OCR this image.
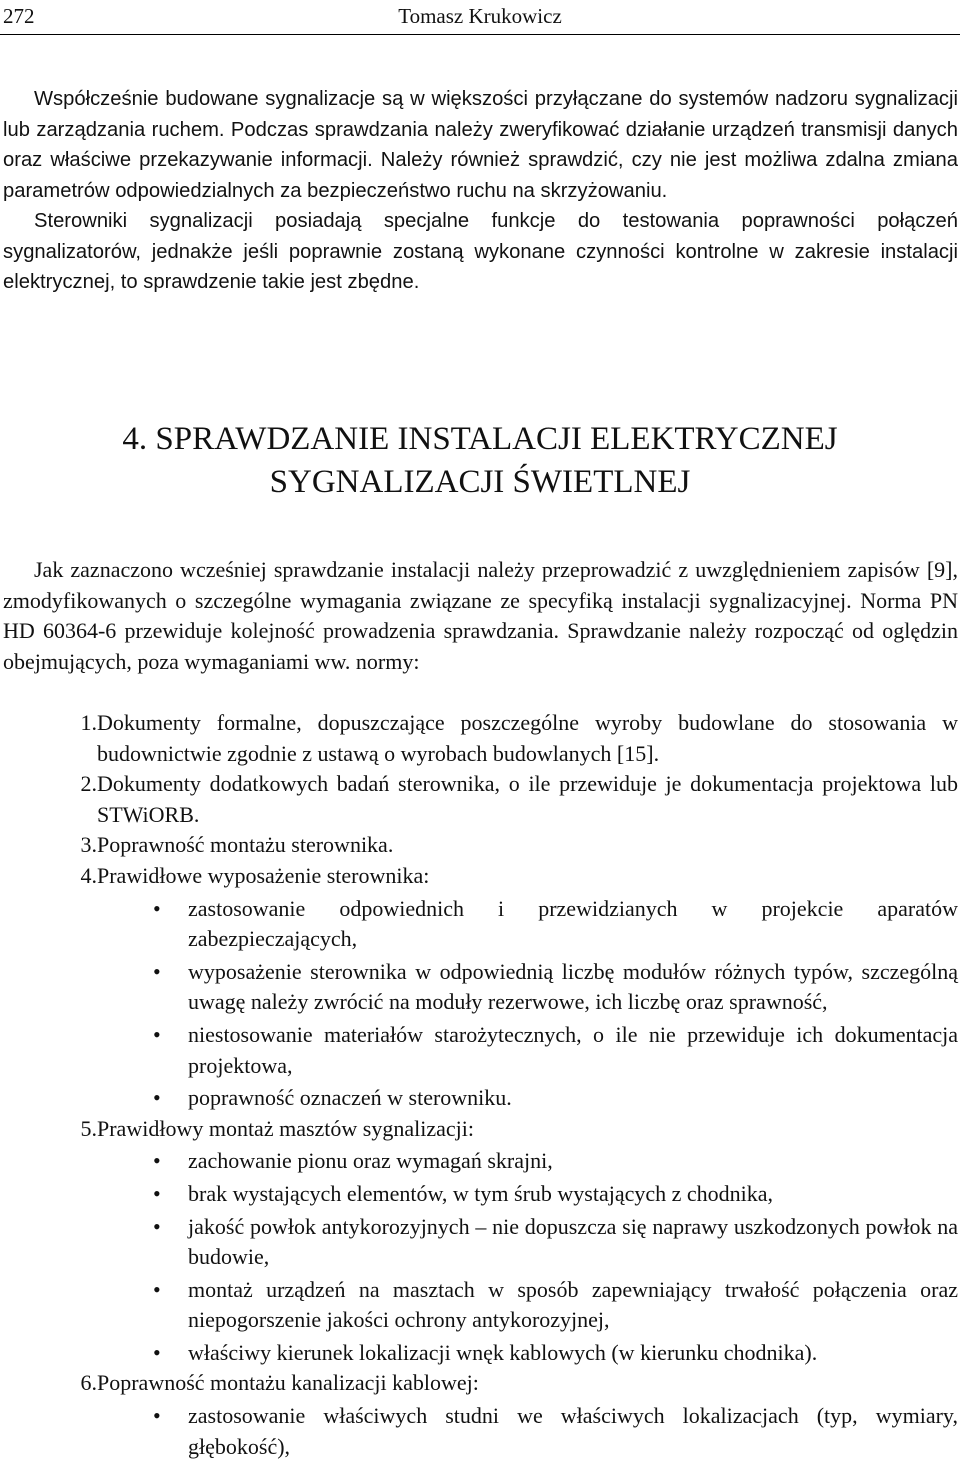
272	Tomasz Krukowicz

Współcześnie budowane sygnalizacje są w większości przyłączane do systemów nadzoru sygnalizacji lub zarządzania ruchem. Podczas sprawdzania należy zweryfikować działanie urządzeń transmisji danych oraz właściwe przekazywanie informacji. Należy również sprawdzić, czy nie jest możliwa zdalna zmiana parametrów odpowiedzialnych za bezpieczeństwo ruchu na skrzyżowaniu.

Sterowniki sygnalizacji posiadają specjalne funkcje do testowania poprawności połączeń sygnalizatorów, jednakże jeśli poprawnie zostaną wykonane czynności kontrolne w zakresie instalacji elektrycznej, to sprawdzenie takie jest zbędne.

4. SPRAWDZANIE INSTALACJI ELEKTRYCZNEJ
SYGNALIZACJI ŚWIETLNEJ

Jak zaznaczono wcześniej sprawdzanie instalacji należy przeprowadzić z uwzględnieniem zapisów [9], zmodyfikowanych o szczególne wymagania związane ze specyfiką instalacji sygnalizacyjnej. Norma PN HD 60364-6 przewiduje kolejność prowadzenia sprawdzania. Sprawdzanie należy rozpocząć od oględzin obejmujących, poza wymaganiami ww. normy:

1. Dokumenty formalne, dopuszczające poszczególne wyroby budowlane do stosowania w budownictwie zgodnie z ustawą o wyrobach budowlanych [15].
2. Dokumenty dodatkowych badań sterownika, o ile przewiduje je dokumentacja projektowa lub STWiORB.
3. Poprawność montażu sterownika.
4. Prawidłowe wyposażenie sterownika:
• zastosowanie odpowiednich i przewidzianych w projekcie aparatów zabezpieczających,
• wyposażenie sterownika w odpowiednią liczbę modułów różnych typów, szczególną uwagę należy zwrócić na moduły rezerwowe, ich liczbę oraz sprawność,
• niestosowanie materiałów starożytecznych, o ile nie przewiduje ich dokumentacja projektowa,
• poprawność oznaczeń w sterowniku.
5. Prawidłowy montaż masztów sygnalizacji:
• zachowanie pionu oraz wymagań skrajni,
• brak wystających elementów, w tym śrub wystających z chodnika,
• jakość powłok antykorozyjnych – nie dopuszcza się naprawy uszkodzonych powłok na budowie,
• montaż urządzeń na masztach w sposób zapewniający trwałość połączenia oraz niepogorszenie jakości ochrony antykorozyjnej,
• właściwy kierunek lokalizacji wnęk kablowych (w kierunku chodnika).
6. Poprawność montażu kanalizacji kablowej:
• zastosowanie właściwych studni we właściwych lokalizacjach (typ, wymiary, głębokość),
